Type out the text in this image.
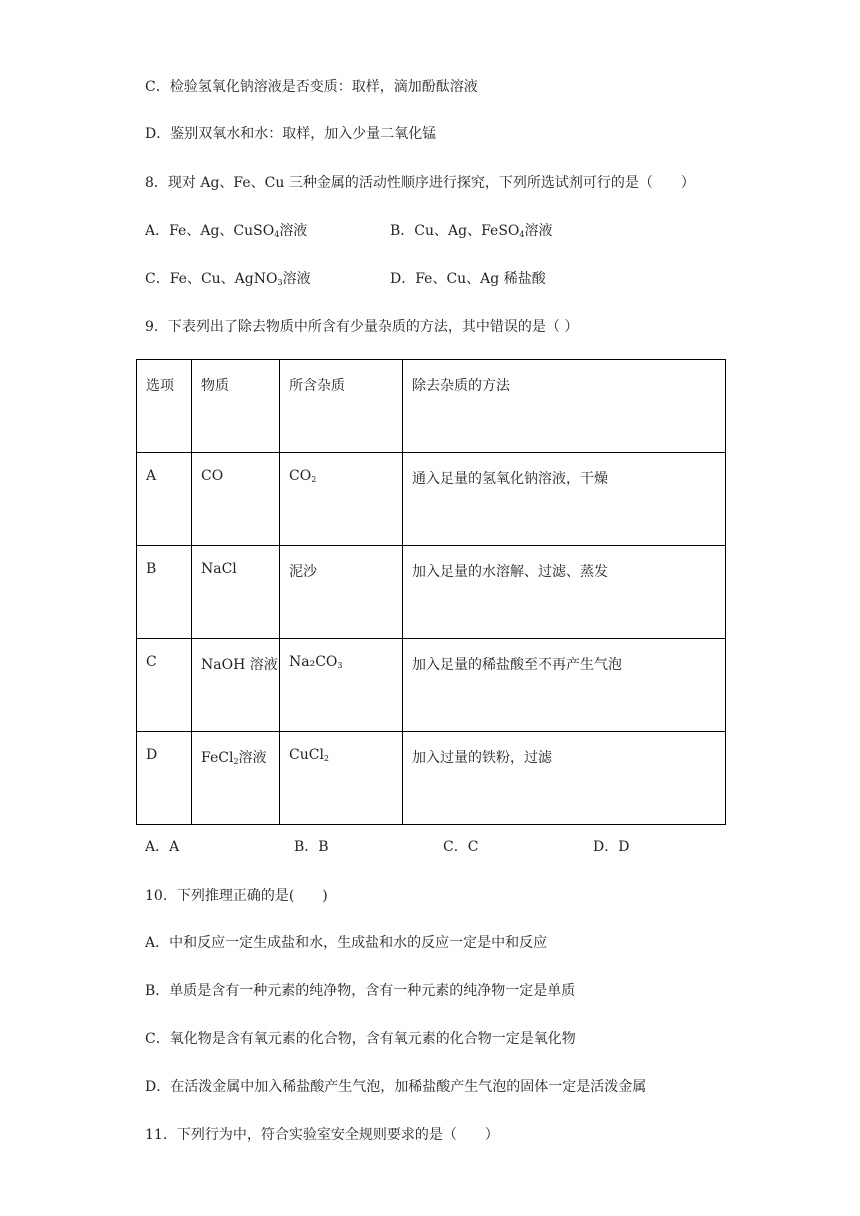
C．检验氢氧化钠溶液是否变质：取样，滴加酚酞溶液
D．鉴别双氧水和水：取样，加入少量二氧化锰
8．现对 Ag、Fe、Cu 三种金属的活动性顺序进行探究，下列所选试剂可行的是（　　）
A．Fe、Ag、CuSO$_4$溶液	B．Cu、Ag、FeSO$_4$溶液
C．Fe、Cu、AgNO$_3$溶液	D．Fe、Cu、Ag 稀盐酸
9．下表列出了除去物质中所含有少量杂质的方法，其中错误的是（ ）
选项	物质	所含杂质	除去杂质的方法
A	CO	$CO_2$	通入足量的氢氧化钠溶液，干燥
B	NaCl	泥沙	加入足量的水溶解、过滤、蒸发
C	NaOH 溶液	$Na_2CO_3$	加入足量的稀盐酸至不再产生气泡
D	FeCl$_2$溶液	CuCl$_2$	加入过量的铁粉，过滤
A．A	B．B	C．C	D．D
10．下列推理正确的是(　　)
A．中和反应一定生成盐和水，生成盐和水的反应一定是中和反应
B．单质是含有一种元素的纯净物，含有一种元素的纯净物一定是单质
C．氧化物是含有氧元素的化合物，含有氧元素的化合物一定是氧化物
D．在活泼金属中加入稀盐酸产生气泡，加稀盐酸产生气泡的固体一定是活泼金属
11．下列行为中，符合实验室安全规则要求的是（　　）
